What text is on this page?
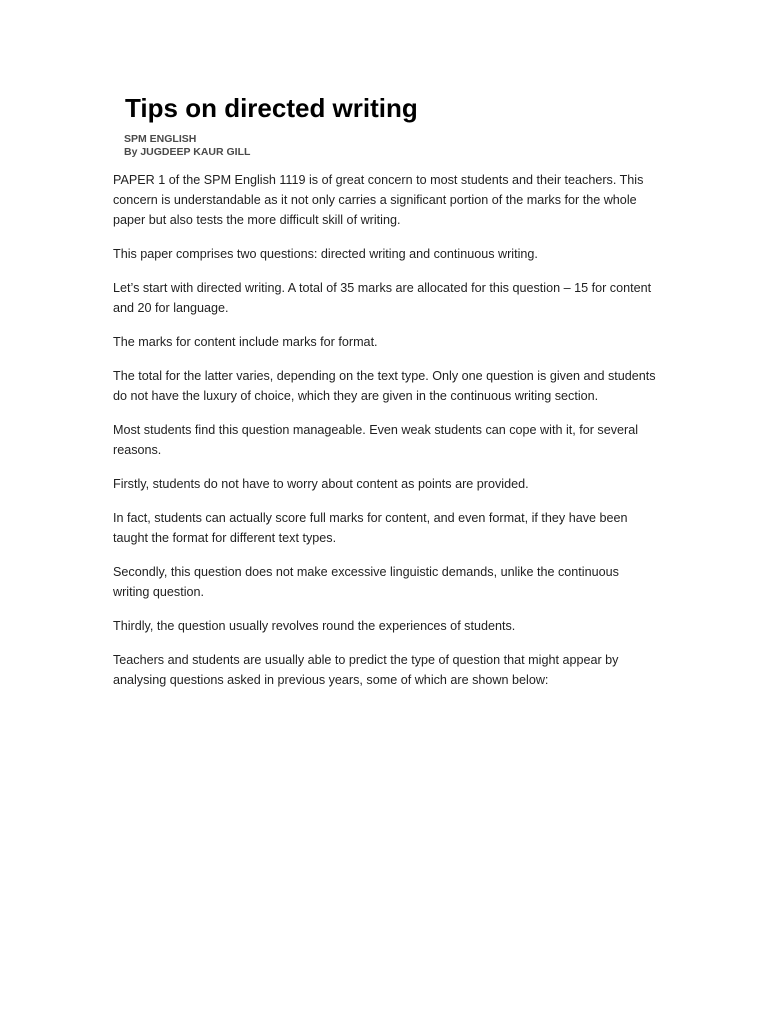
Tips on directed writing
SPM ENGLISH
By JUGDEEP KAUR GILL

PAPER 1 of the SPM English 1119 is of great concern to most students and their teachers. This concern is understandable as it not only carries a significant portion of the marks for the whole paper but also tests the more difficult skill of writing.

This paper comprises two questions: directed writing and continuous writing.

Let’s start with directed writing. A total of 35 marks are allocated for this question – 15 for content and 20 for language.

The marks for content include marks for format.

The total for the latter varies, depending on the text type. Only one question is given and students do not have the luxury of choice, which they are given in the continuous writing section.

Most students find this question manageable. Even weak students can cope with it, for several reasons.

Firstly, students do not have to worry about content as points are provided.

In fact, students can actually score full marks for content, and even format, if they have been taught the format for different text types.

Secondly, this question does not make excessive linguistic demands, unlike the continuous writing question.

Thirdly, the question usually revolves round the experiences of students.

Teachers and students are usually able to predict the type of question that might appear by analysing questions asked in previous years, some of which are shown below:
